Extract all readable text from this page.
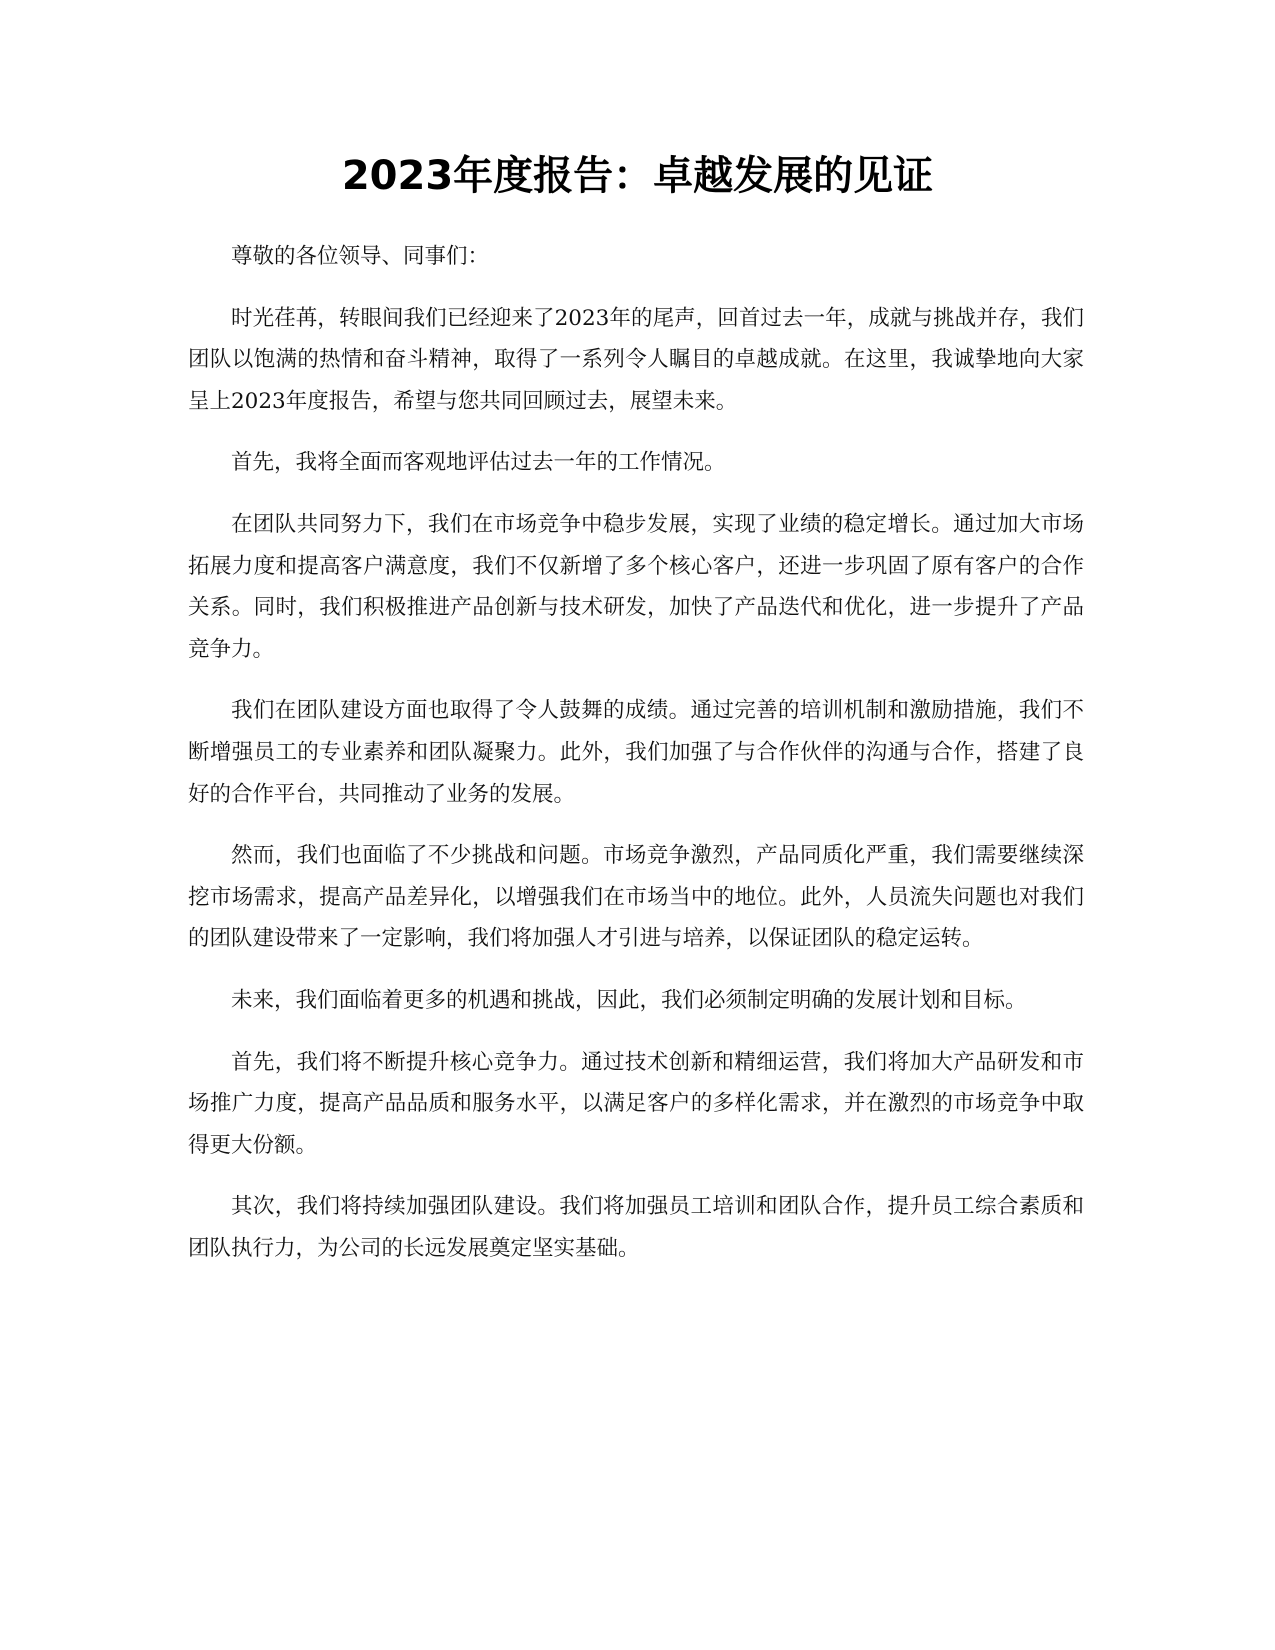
2023年度报告：卓越发展的见证

尊敬的各位领导、同事们：

时光荏苒，转眼间我们已经迎来了2023年的尾声，回首过去一年，成就与挑战并存，我们团队以饱满的热情和奋斗精神，取得了一系列令人瞩目的卓越成就。在这里，我诚挚地向大家呈上2023年度报告，希望与您共同回顾过去，展望未来。

首先，我将全面而客观地评估过去一年的工作情况。

在团队共同努力下，我们在市场竞争中稳步发展，实现了业绩的稳定增长。通过加大市场拓展力度和提高客户满意度，我们不仅新增了多个核心客户，还进一步巩固了原有客户的合作关系。同时，我们积极推进产品创新与技术研发，加快了产品迭代和优化，进一步提升了产品竞争力。

我们在团队建设方面也取得了令人鼓舞的成绩。通过完善的培训机制和激励措施，我们不断增强员工的专业素养和团队凝聚力。此外，我们加强了与合作伙伴的沟通与合作，搭建了良好的合作平台，共同推动了业务的发展。

然而，我们也面临了不少挑战和问题。市场竞争激烈，产品同质化严重，我们需要继续深挖市场需求，提高产品差异化，以增强我们在市场当中的地位。此外，人员流失问题也对我们的团队建设带来了一定影响，我们将加强人才引进与培养，以保证团队的稳定运转。

未来，我们面临着更多的机遇和挑战，因此，我们必须制定明确的发展计划和目标。

首先，我们将不断提升核心竞争力。通过技术创新和精细运营，我们将加大产品研发和市场推广力度，提高产品品质和服务水平，以满足客户的多样化需求，并在激烈的市场竞争中取得更大份额。

其次，我们将持续加强团队建设。我们将加强员工培训和团队合作，提升员工综合素质和团队执行力，为公司的长远发展奠定坚实基础。
